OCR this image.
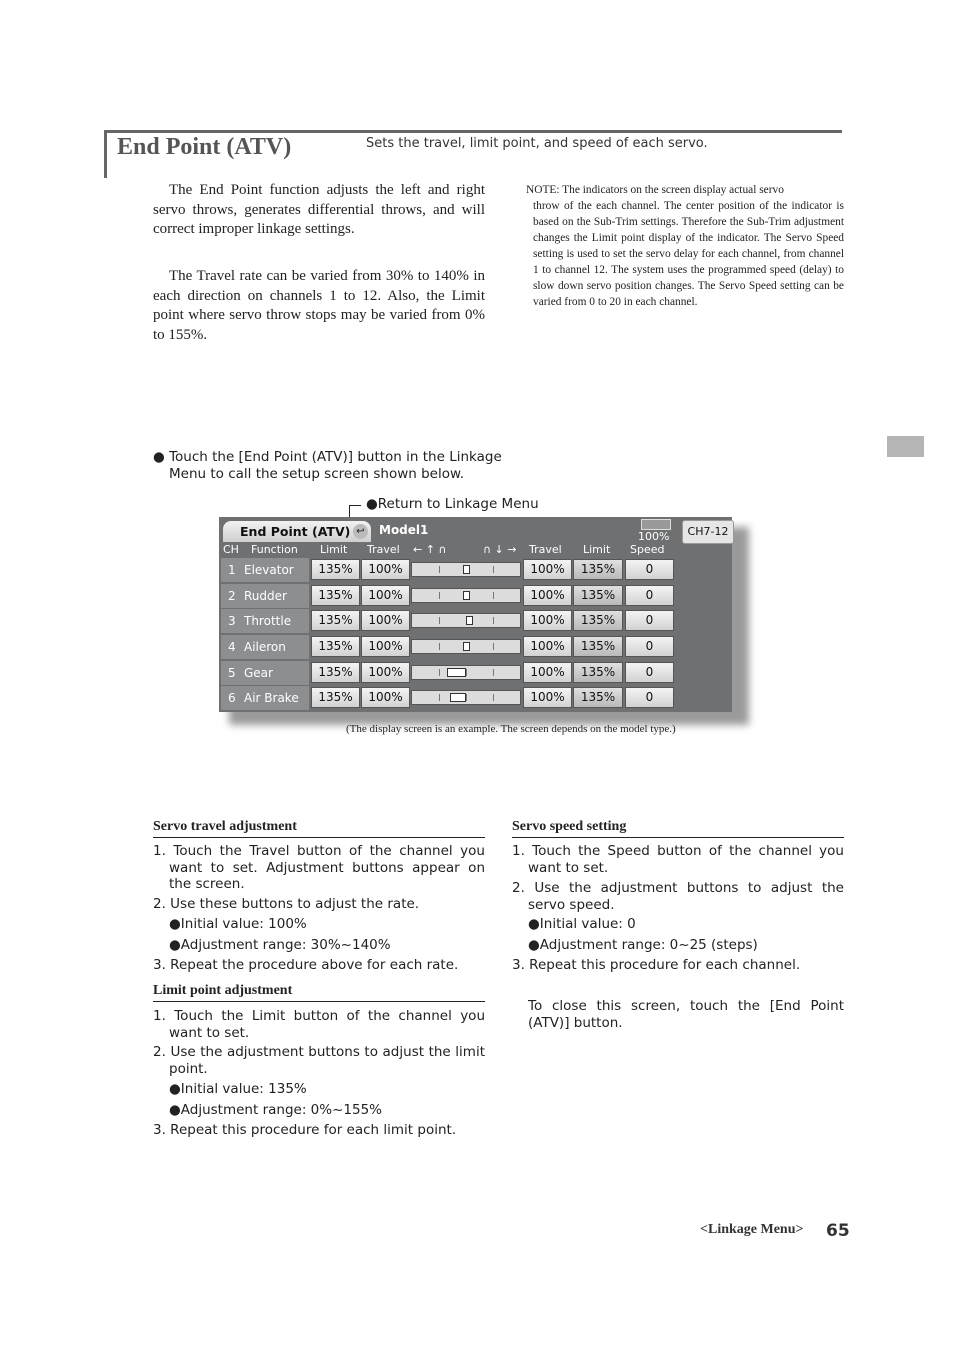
End Point (ATV)	Sets the travel, limit point, and speed of each servo.
The End Point function adjusts the left and right servo throws, generates differential throws, and will correct improper linkage settings.
The Travel rate can be varied from 30% to 140% in each direction on channels 1 to 12. Also, the Limit point where servo throw stops may be varied from 0% to 155%.
NOTE: The indicators on the screen display actual servo
throw of the each channel. The center position of the indicator is based on the Sub-Trim settings. Therefore the Sub-Trim adjustment changes the Limit point display of the indicator. The Servo Speed setting is used to set the servo delay for each channel, from channel 1 to channel 12. The system uses the programmed speed (delay) to slow down servo position changes. The Servo Speed setting can be varied from 0 to 20 in each channel.
● Touch the [End Point (ATV)] button in the Linkage
Menu to call the setup screen shown below.
●Return to Linkage Menu
End Point (ATV) ↩ Model1	100%	CH7-12
CH Function Limit Travel ← ↑ ∩	∩ ↓ → Travel Limit Speed
1 Elevator	135%	100%	100%	135%	0
2 Rudder	135%	100%	100%	135%	0
3 Throttle	135%	100%	100%	135%	0
4 Aileron	135%	100%	100%	135%	0
5 Gear	135%	100%	100%	135%	0
6 Air Brake	135%	100%	100%	135%	0
(The display screen is an example. The screen depends on the model type.)
Servo travel adjustment
1. Touch the Travel button of the channel you
want to set. Adjustment buttons appear on
the screen.
2. Use these buttons to adjust the rate.
●Initial value: 100%
●Adjustment range: 30%~140%
3. Repeat the procedure above for each rate.
Limit point adjustment
1. Touch the Limit button of the channel you
want to set.
2. Use the adjustment buttons to adjust the limit
point.
●Initial value: 135%
●Adjustment range: 0%~155%
3. Repeat this procedure for each limit point.
Servo speed setting
1. Touch the Speed button of the channel you
want to set.
2. Use the adjustment buttons to adjust the
servo speed.
●Initial value: 0
●Adjustment range: 0~25 (steps)
3. Repeat this procedure for each channel.
To close this screen, touch the [End Point
(ATV)] button.
<Linkage Menu> 65
